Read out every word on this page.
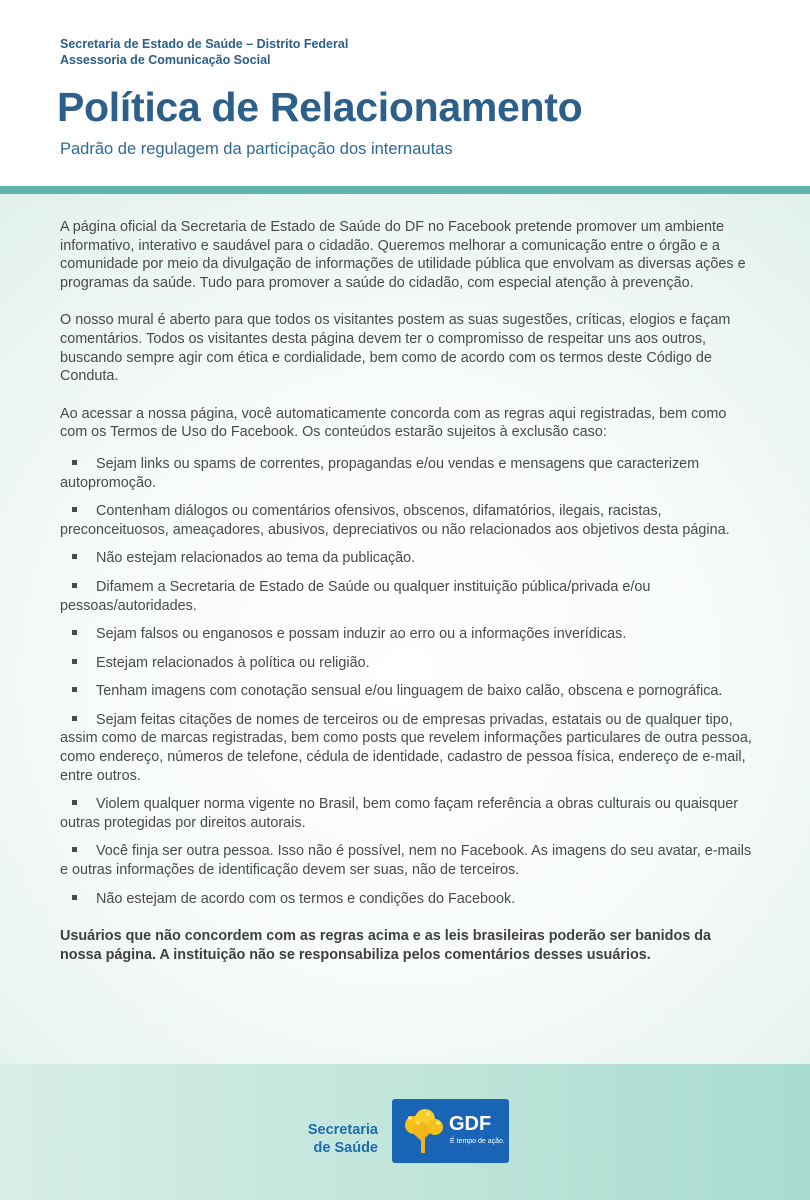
Secretaria de Estado de Saúde – Distrito Federal
Assessoria de Comunicação Social
Política de Relacionamento
Padrão de regulagem da participação dos internautas

A página oficial da Secretaria de Estado de Saúde do DF no Facebook pretende promover um ambiente informativo, interativo e saudável para o cidadão. Queremos melhorar a comunicação entre o órgão e a comunidade por meio da divulgação de informações de utilidade pública que envolvam as diversas ações e programas da saúde. Tudo para promover a saúde do cidadão, com especial atenção à prevenção.

O nosso mural é aberto para que todos os visitantes postem as suas sugestões, críticas, elogios e façam comentários. Todos os visitantes desta página devem ter o compromisso de respeitar uns aos outros, buscando sempre agir com ética e cordialidade, bem como de acordo com os termos deste Código de Conduta.

Ao acessar a nossa página, você automaticamente concorda com as regras aqui registradas, bem como com os Termos de Uso do Facebook. Os conteúdos estarão sujeitos à exclusão caso:

Sejam links ou spams de correntes, propagandas e/ou vendas e mensagens que caracterizem autopromoção.
Contenham diálogos ou comentários ofensivos, obscenos, difamatórios, ilegais, racistas, preconceituosos, ameaçadores, abusivos, depreciativos ou não relacionados aos objetivos desta página.
Não estejam relacionados ao tema da publicação.
Difamem a Secretaria de Estado de Saúde ou qualquer instituição pública/privada e/ou pessoas/autoridades.
Sejam falsos ou enganosos e possam induzir ao erro ou a informações inverídicas.
Estejam relacionados à política ou religião.
Tenham imagens com conotação sensual e/ou linguagem de baixo calão, obscena e pornográfica.
Sejam feitas citações de nomes de terceiros ou de empresas privadas, estatais ou de qualquer tipo, assim como de marcas registradas, bem como posts que revelem informações particulares de outra pessoa, como endereço, números de telefone, cédula de identidade, cadastro de pessoa física, endereço de e-mail, entre outros.
Violem qualquer norma vigente no Brasil, bem como façam referência a obras culturais ou quaisquer outras protegidas por direitos autorais.
Você finja ser outra pessoa. Isso não é possível, nem no Facebook. As imagens do seu avatar, e-mails e outras informações de identificação devem ser suas, não de terceiros.
Não estejam de acordo com os termos e condições do Facebook.

Usuários que não concordem com as regras acima e as leis brasileiras poderão ser banidos da nossa página. A instituição não se responsabiliza pelos comentários desses usuários.

Secretaria
de Saúde
GDF
É tempo de ação.
